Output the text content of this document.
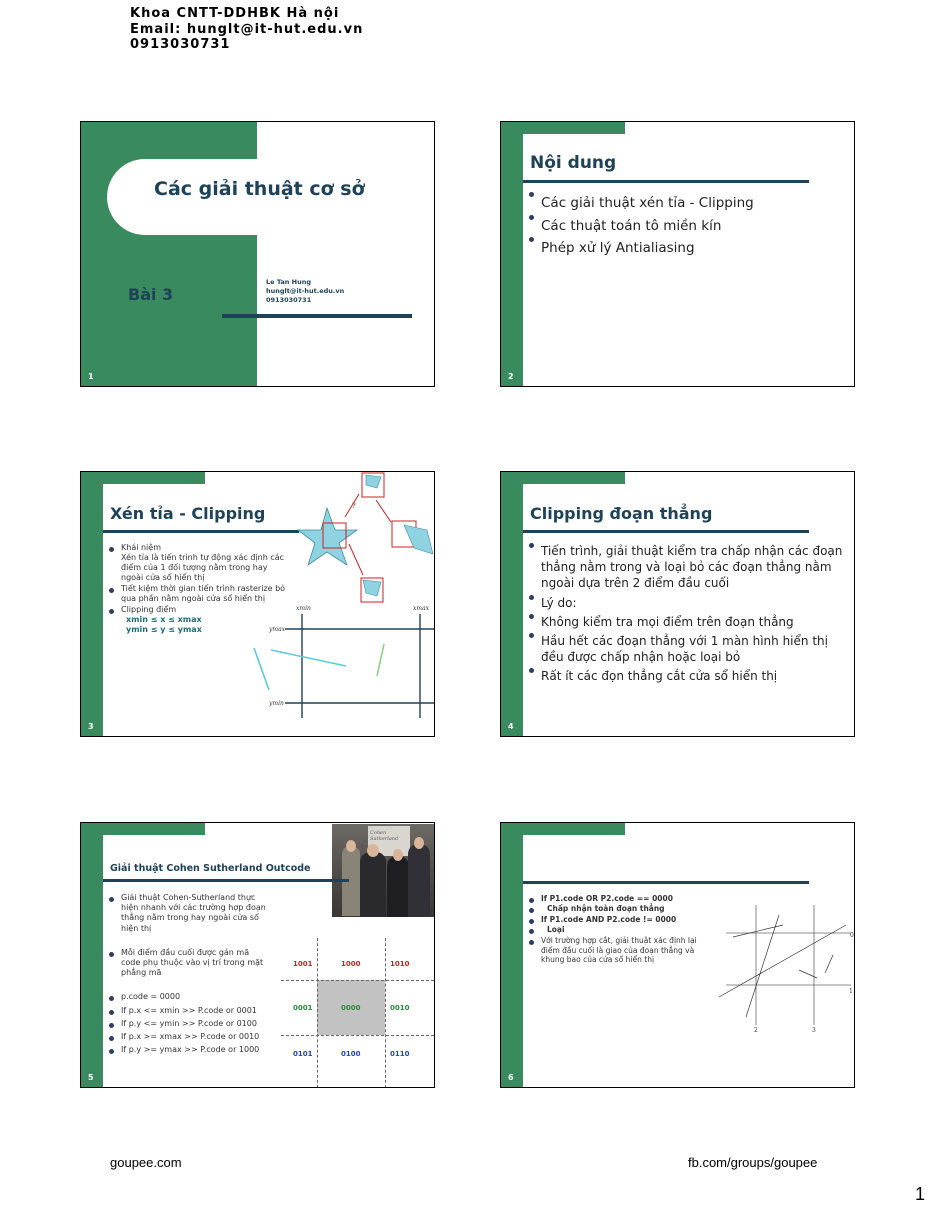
Khoa CNTT-DDHBK Hà nội
Email: hunglt@it-hut.edu.vn
0913030731
Các giải thuật cơ sở
Bài 3
Le Tan Hung
hunglt@it-hut.edu.vn
0913030731
1
Nội dung
Các giải thuật xén tỉa - Clipping
Các thuật toán tô miền kín
Phép xử lý Antialiasing
2
Xén tỉa - Clipping
Khái niệm
Xén tỉa là tiến trình tự động xác định các điểm của 1 đối tượng nằm trong hay ngoài cửa sổ hiển thị
Tiết kiệm thời gian tiến trình rasterize bỏ qua phần nằm ngoài cửa sổ hiển thị
Clipping điểm
xmin ≤ x ≤ xmax
ymin ≤ y ≤ ymax
?
xmin	xmax
ymax
ymin
3
Clipping đoạn thẳng
Tiến trình, giải thuật kiểm tra chấp nhận các đoạn thẳng nằm trong và loại bỏ các đoạn thẳng nằm ngoài dựa trên 2 điểm đầu cuối
Lý do:
Không kiểm tra mọi điểm trên đoạn thẳng
Hầu hết các đoạn thẳng với 1 màn hình hiển thị đều được chấp nhận hoặc loại bỏ
Rất ít các đọn thẳng cắt cửa sổ hiển thị
4
Cohen Sutherland
Giải thuật Cohen Sutherland Outcode
Giải thuật Cohen-Sutherland thực hiện nhanh với các trường hợp đoạn thẳng nằm trong hay ngoài cửa sổ hiện thị
Mỗi điểm đầu cuối được gán mã code phụ thuộc vào vị trí trong mặt phẳng mã
p.code = 0000
If p.x <= xmin >> P.code or 0001
If p.y <= ymin >> P.code or 0100
If p.x >= xmax >> P.code or 0010
If p.y >= ymax >> P.code or 1000
1001	1000	1010
0001	0000	0010
0101	0100	0110
5
If P1.code OR P2.code == 0000
Chấp nhận toàn đoạn thẳng
If P1.code AND P2.code != 0000
Loại
Với trường hợp cắt, giải thuật xác định lại điểm đầu cuối là giao của đoạn thẳng và khung bao của cửa sổ hiển thị
0
1
2	3
6
goupee.com	fb.com/groups/goupee
1
